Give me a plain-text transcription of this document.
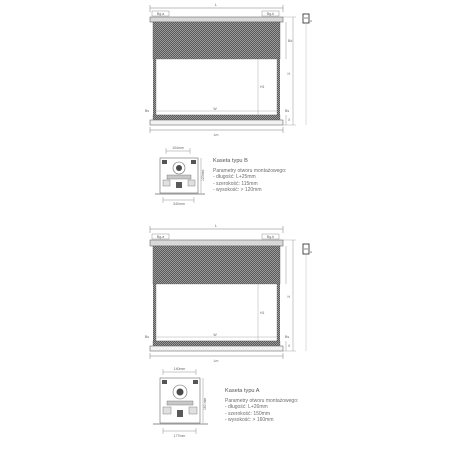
L
Bg-a	Bg-b
H1
W
Bs	Bs
Lm
Bd
H
X
H
104mm
120mm
340mm
L
Bg-a	Bg-b
H1
W
Bs	Bs
Lm
H
X
H
140mm
160 mm
177mm
Kaseta typu B
Parametry otworu montażowego:
- długość: L+25mm
- szerokość: 115mm
- wysokość: > 120mm
Kaseta typu A
Parametry otworu montażowego:
- długość: L+26mm
- szerokość: 150mm
- wysokość: > 160mm
